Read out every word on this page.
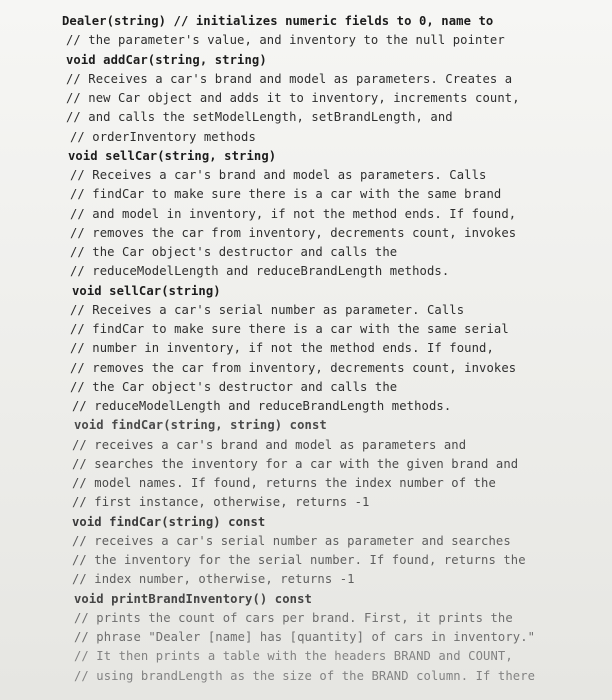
Dealer(string) // initializes numeric fields to 0, name to
// the parameter's value, and inventory to the null pointer
void addCar(string, string)
// Receives a car's brand and model as parameters. Creates a
// new Car object and adds it to inventory, increments count,
// and calls the setModelLength, setBrandLength, and
// orderInventory methods
void sellCar(string, string)
// Receives a car's brand and model as parameters. Calls
// findCar to make sure there is a car with the same brand
// and model in inventory, if not the method ends. If found,
// removes the car from inventory, decrements count, invokes
// the Car object's destructor and calls the
// reduceModelLength and reduceBrandLength methods.
void sellCar(string)
// Receives a car's serial number as parameter. Calls
// findCar to make sure there is a car with the same serial
// number in inventory, if not the method ends. If found,
// removes the car from inventory, decrements count, invokes
// the Car object's destructor and calls the
// reduceModelLength and reduceBrandLength methods.
void findCar(string, string) const
// receives a car's brand and model as parameters and
// searches the inventory for a car with the given brand and
// model names. If found, returns the index number of the
// first instance, otherwise, returns -1
void findCar(string) const
// receives a car's serial number as parameter and searches
// the inventory for the serial number. If found, returns the
// index number, otherwise, returns -1
void printBrandInventory() const
// prints the count of cars per brand. First, it prints the
// phrase "Dealer [name] has [quantity] of cars in inventory."
// It then prints a table with the headers BRAND and COUNT,
// using brandLength as the size of the BRAND column. If there
